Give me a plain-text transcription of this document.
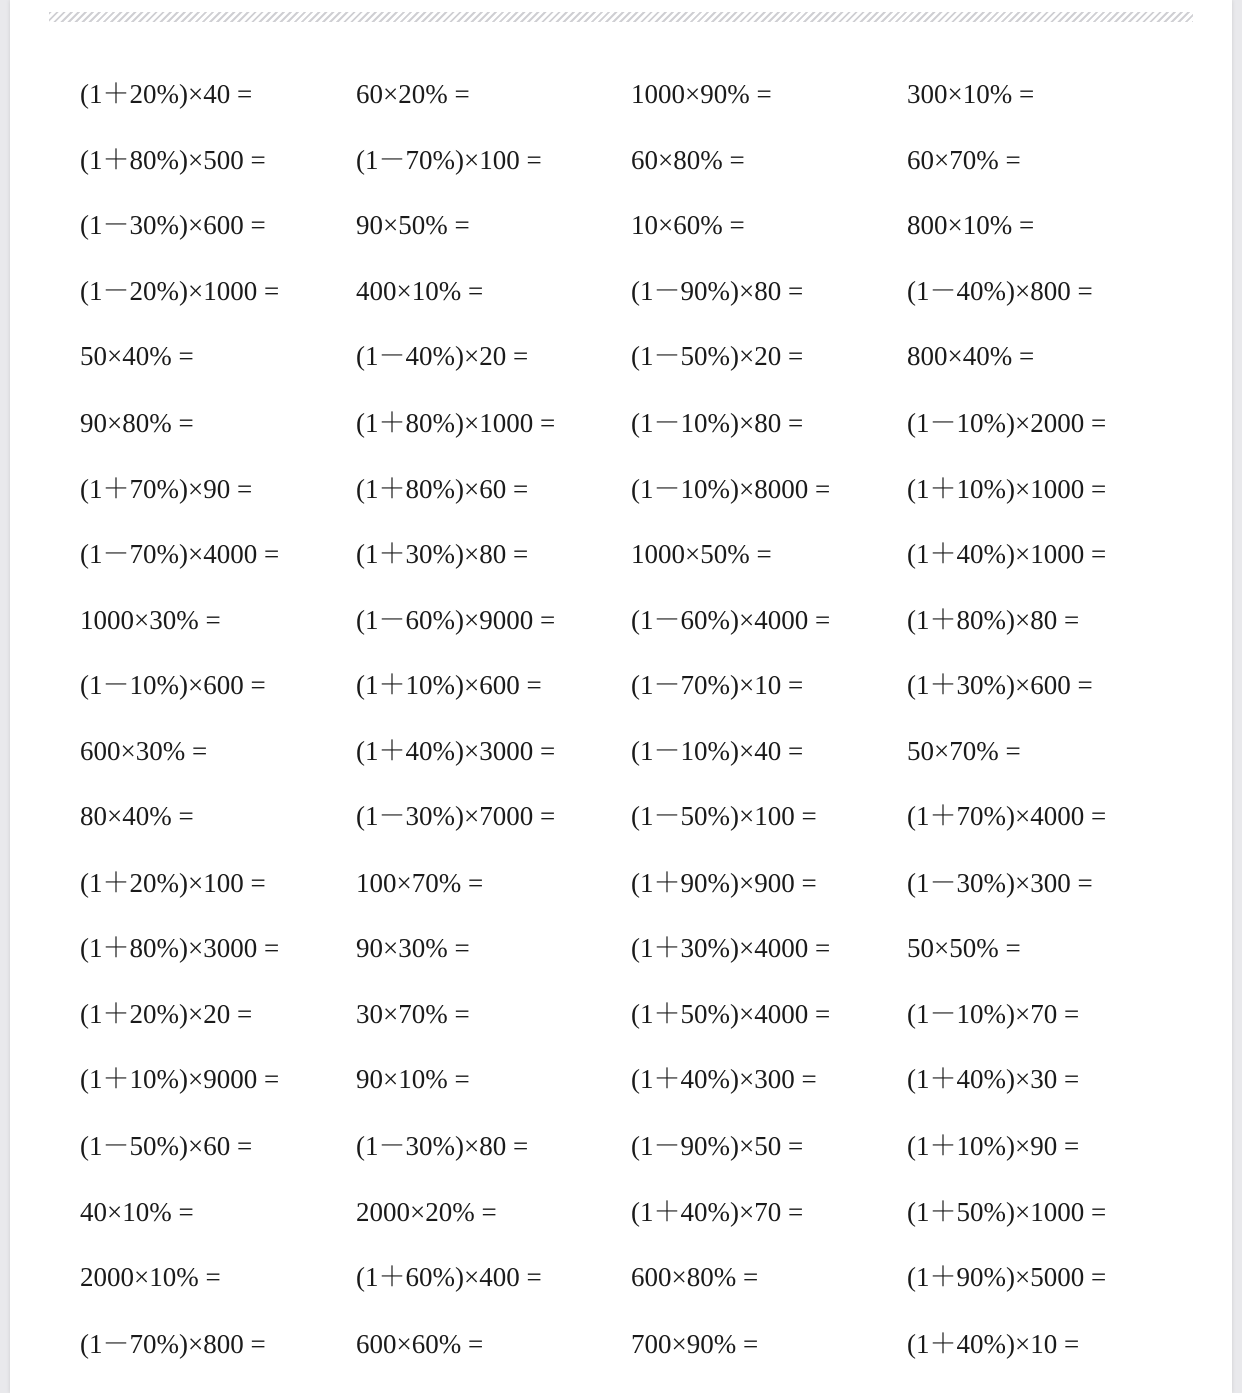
(1＋20%)×40 =	60×20% =	1000×90% =	300×10% =
(1＋80%)×500 =	(1－70%)×100 =	60×80% =	60×70% =
(1－30%)×600 =	90×50% =	10×60% =	800×10% =
(1－20%)×1000 =	400×10% =	(1－90%)×80 =	(1－40%)×800 =
50×40% =	(1－40%)×20 =	(1－50%)×20 =	800×40% =
90×80% =	(1＋80%)×1000 =	(1－10%)×80 =	(1－10%)×2000 =
(1＋70%)×90 =	(1＋80%)×60 =	(1－10%)×8000 =	(1＋10%)×1000 =
(1－70%)×4000 =	(1＋30%)×80 =	1000×50% =	(1＋40%)×1000 =
1000×30% =	(1－60%)×9000 =	(1－60%)×4000 =	(1＋80%)×80 =
(1－10%)×600 =	(1＋10%)×600 =	(1－70%)×10 =	(1＋30%)×600 =
600×30% =	(1＋40%)×3000 =	(1－10%)×40 =	50×70% =
80×40% =	(1－30%)×7000 =	(1－50%)×100 =	(1＋70%)×4000 =
(1＋20%)×100 =	100×70% =	(1＋90%)×900 =	(1－30%)×300 =
(1＋80%)×3000 =	90×30% =	(1＋30%)×4000 =	50×50% =
(1＋20%)×20 =	30×70% =	(1＋50%)×4000 =	(1－10%)×70 =
(1＋10%)×9000 =	90×10% =	(1＋40%)×300 =	(1＋40%)×30 =
(1－50%)×60 =	(1－30%)×80 =	(1－90%)×50 =	(1＋10%)×90 =
40×10% =	2000×20% =	(1＋40%)×70 =	(1＋50%)×1000 =
2000×10% =	(1＋60%)×400 =	600×80% =	(1＋90%)×5000 =
(1－70%)×800 =	600×60% =	700×90% =	(1＋40%)×10 =
